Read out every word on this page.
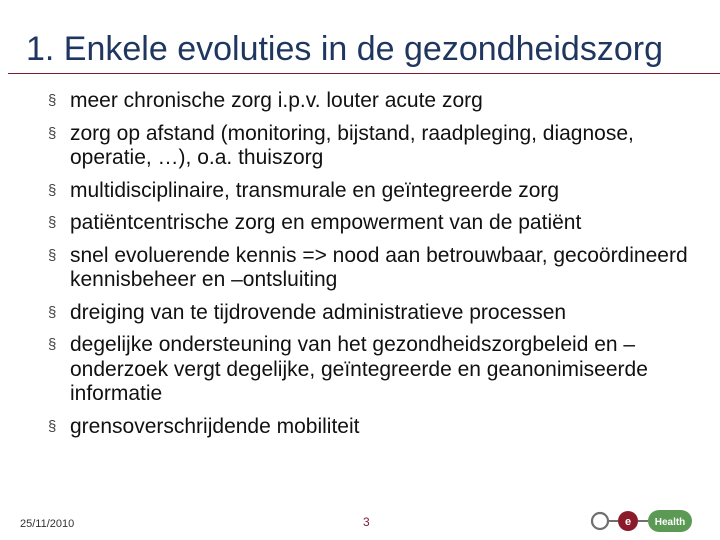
1. Enkele evoluties in de gezondheidszorg
§ meer chronische zorg i.p.v. louter acute zorg
§ zorg op afstand (monitoring, bijstand, raadpleging, diagnose, operatie, …), o.a. thuiszorg
§ multidisciplinaire, transmurale en geïntegreerde zorg
§ patiëntcentrische zorg en empowerment van de patiënt
§ snel evoluerende kennis => nood aan betrouwbaar, gecoördineerd kennisbeheer en –ontsluiting
§ dreiging van te tijdrovende administratieve processen
§ degelijke ondersteuning van het gezondheidszorgbeleid en –onderzoek vergt degelijke, geïntegreerde en geanonimiseerde informatie
§ grensoverschrijdende mobiliteit
25/11/2010	3	e Health
